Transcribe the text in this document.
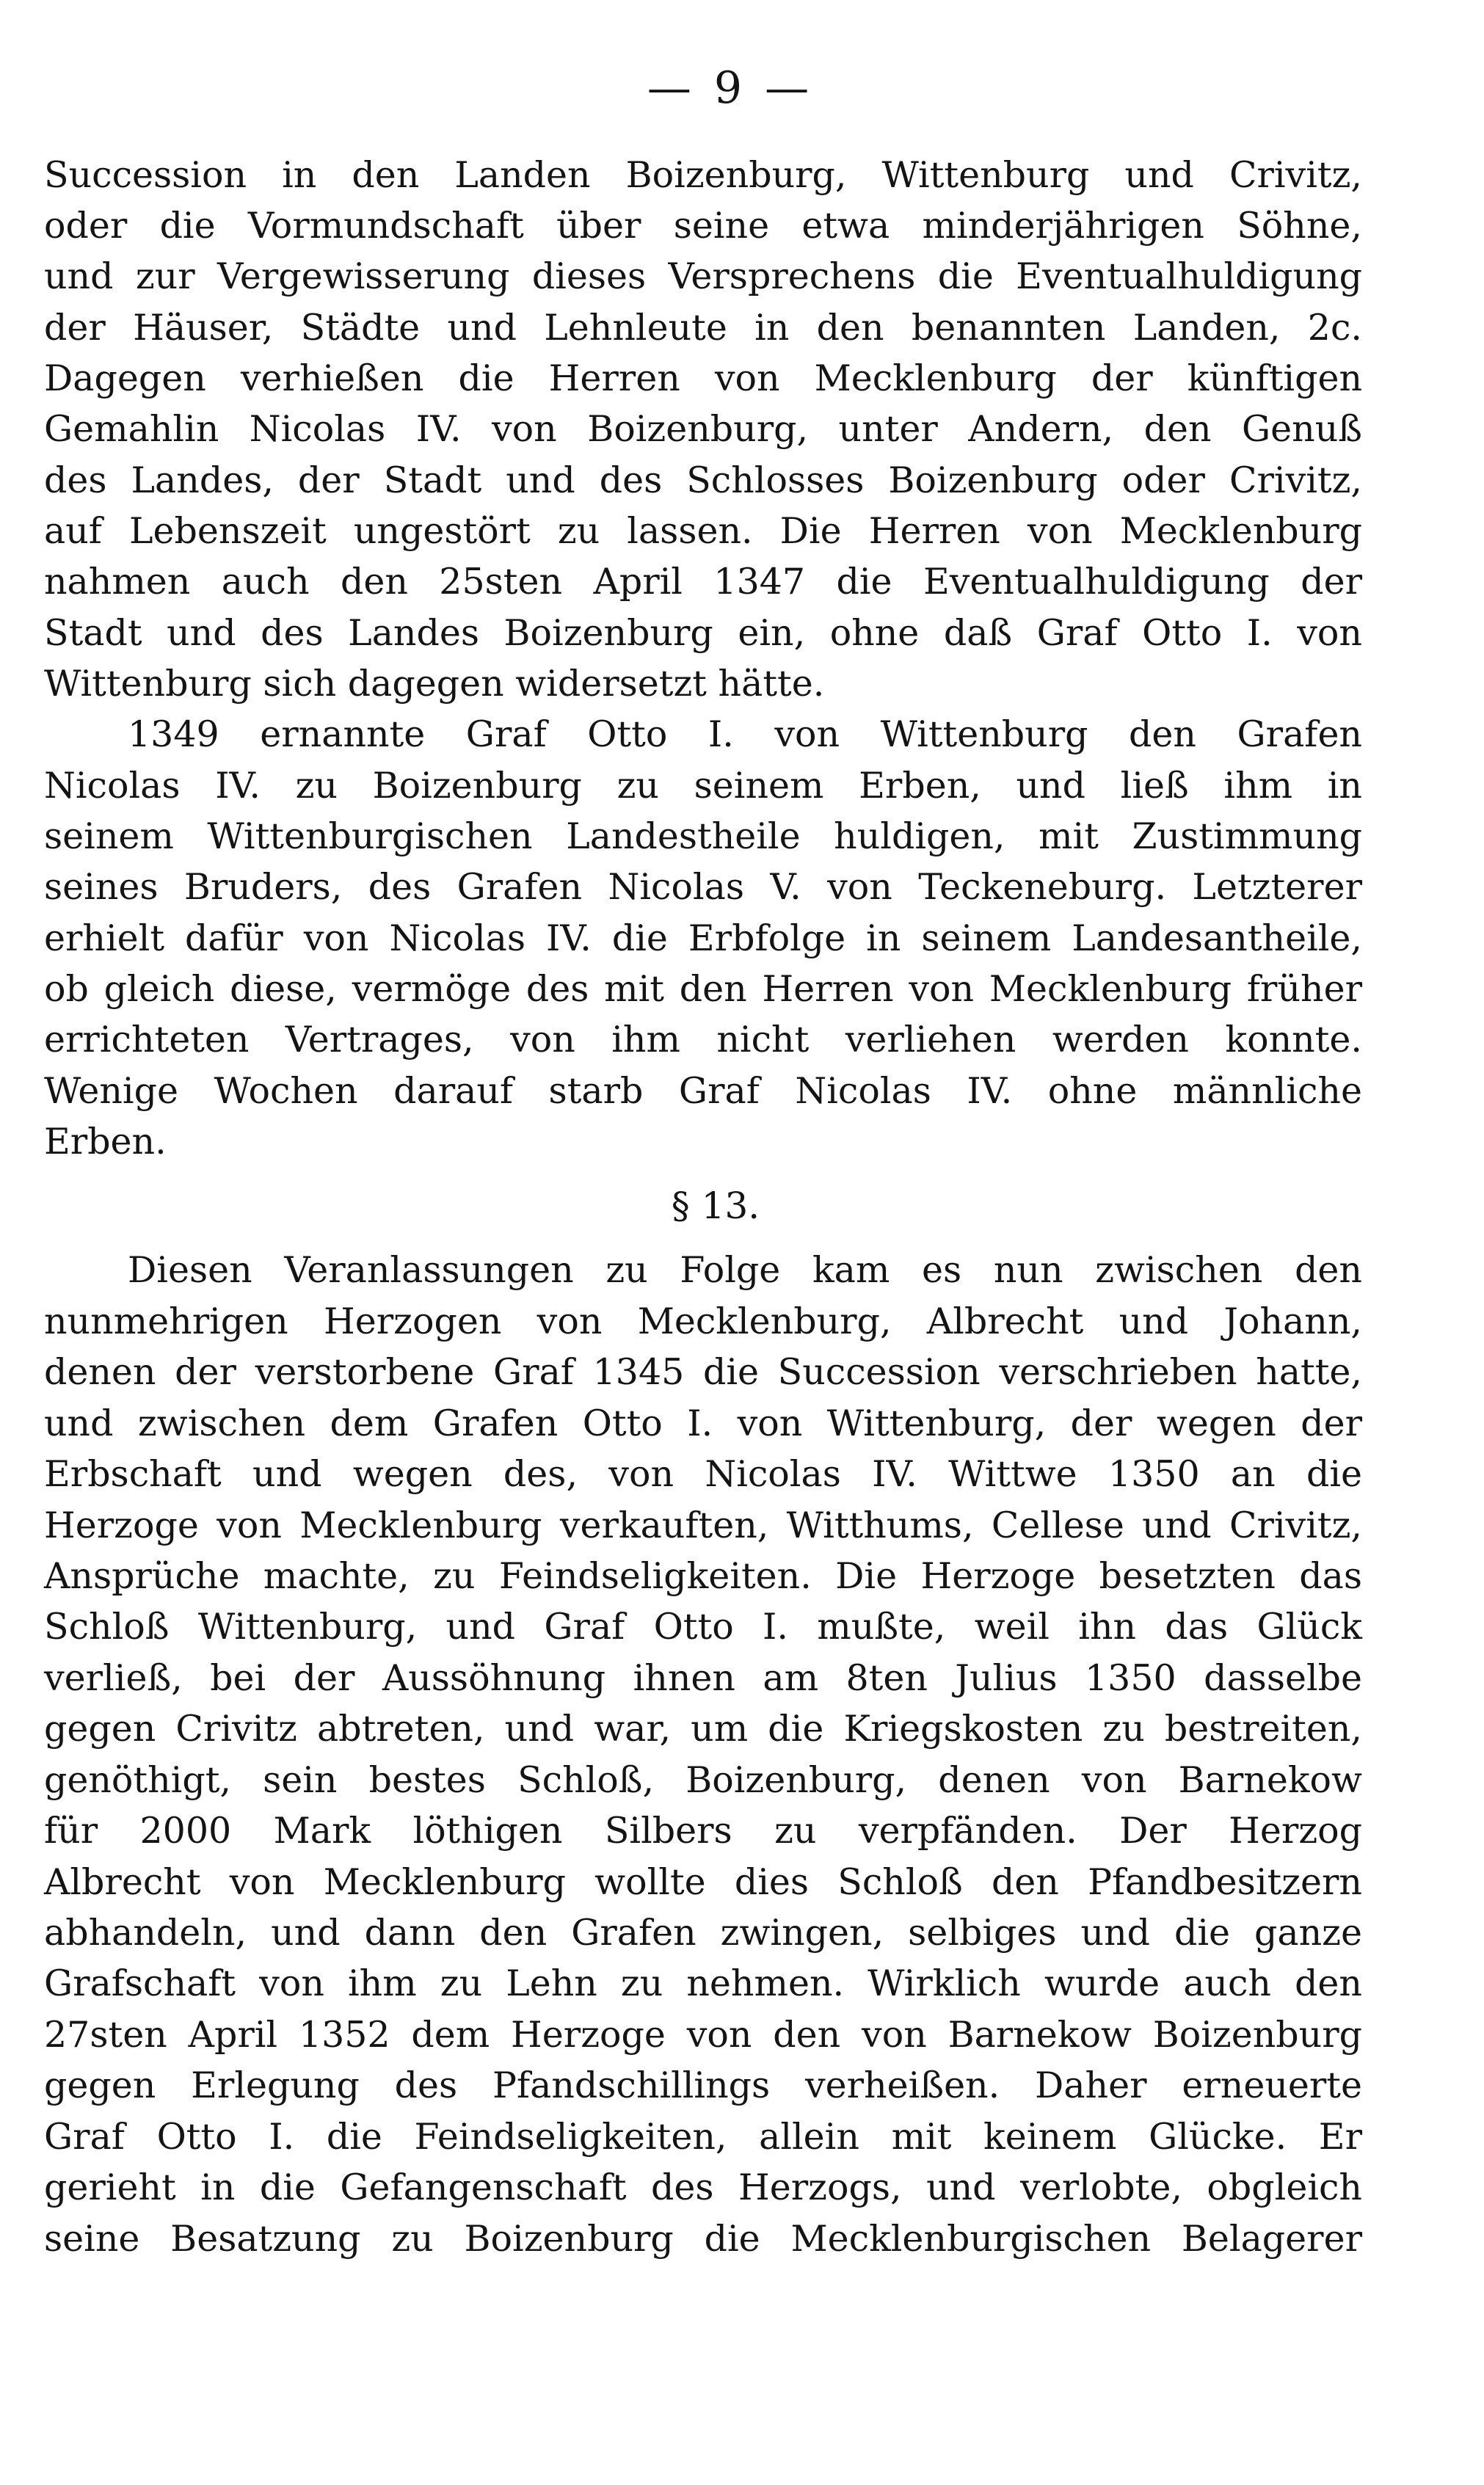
— 9 —
Succession in den Landen Boizenburg, Wittenburg und Crivitz,
oder die Vormundschaft über seine etwa minderjährigen Söhne,
und zur Vergewisserung dieses Versprechens die Eventualhuldigung
der Häuser, Städte und Lehnleute in den benannten Landen, 2c.
Dagegen verhießen die Herren von Mecklenburg der künftigen
Gemahlin Nicolas IV. von Boizenburg, unter Andern, den Genuß
des Landes, der Stadt und des Schlosses Boizenburg oder Crivitz,
auf Lebenszeit ungestört zu lassen. Die Herren von Mecklenburg
nahmen auch den 25sten April 1347 die Eventualhuldigung der
Stadt und des Landes Boizenburg ein, ohne daß Graf Otto I. von
Wittenburg sich dagegen widersetzt hätte.
1349 ernannte Graf Otto I. von Wittenburg den Grafen
Nicolas IV. zu Boizenburg zu seinem Erben, und ließ ihm in
seinem Wittenburgischen Landestheile huldigen, mit Zustimmung
seines Bruders, des Grafen Nicolas V. von Teckeneburg. Letzterer
erhielt dafür von Nicolas IV. die Erbfolge in seinem Landesantheile,
ob gleich diese, vermöge des mit den Herren von Mecklenburg früher
errichteten Vertrages, von ihm nicht verliehen werden konnte.
Wenige Wochen darauf starb Graf Nicolas IV. ohne männliche
Erben.
§ 13.
Diesen Veranlassungen zu Folge kam es nun zwischen den
nunmehrigen Herzogen von Mecklenburg, Albrecht und Johann,
denen der verstorbene Graf 1345 die Succession verschrieben hatte,
und zwischen dem Grafen Otto I. von Wittenburg, der wegen der
Erbschaft und wegen des, von Nicolas IV. Wittwe 1350 an die
Herzoge von Mecklenburg verkauften, Witthums, Cellese und Crivitz,
Ansprüche machte, zu Feindseligkeiten. Die Herzoge besetzten das
Schloß Wittenburg, und Graf Otto I. mußte, weil ihn das Glück
verließ, bei der Aussöhnung ihnen am 8ten Julius 1350 dasselbe
gegen Crivitz abtreten, und war, um die Kriegskosten zu bestreiten,
genöthigt, sein bestes Schloß, Boizenburg, denen von Barnekow
für 2000 Mark löthigen Silbers zu verpfänden. Der Herzog
Albrecht von Mecklenburg wollte dies Schloß den Pfandbesitzern
abhandeln, und dann den Grafen zwingen, selbiges und die ganze
Grafschaft von ihm zu Lehn zu nehmen. Wirklich wurde auch den
27sten April 1352 dem Herzoge von den von Barnekow Boizenburg
gegen Erlegung des Pfandschillings verheißen. Daher erneuerte
Graf Otto I. die Feindseligkeiten, allein mit keinem Glücke. Er
gerieht in die Gefangenschaft des Herzogs, und verlobte, obgleich
seine Besatzung zu Boizenburg die Mecklenburgischen Belagerer
